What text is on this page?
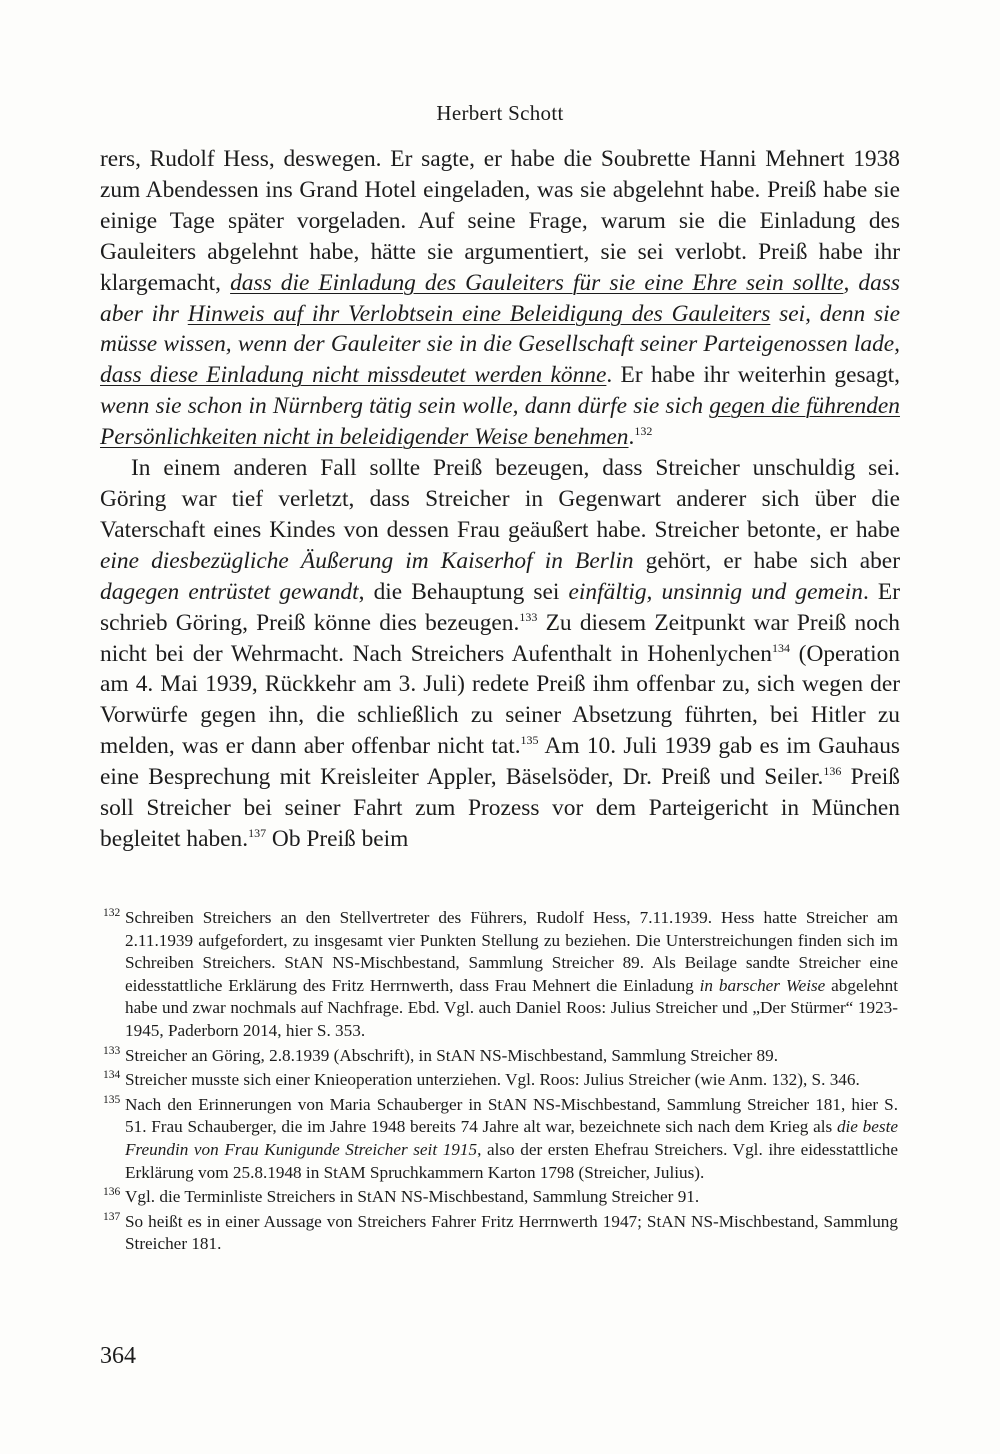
Herbert Schott

rers, Rudolf Hess, deswegen. Er sagte, er habe die Soubrette Hanni Mehnert 1938 zum Abendessen ins Grand Hotel eingeladen, was sie abgelehnt habe. Preiß habe sie einige Tage später vorgeladen. Auf seine Frage, warum sie die Einladung des Gauleiters abgelehnt habe, hätte sie argumentiert, sie sei verlobt. Preiß habe ihr klargemacht, dass die Einladung des Gauleiters für sie eine Ehre sein sollte, dass aber ihr Hinweis auf ihr Verlobtsein eine Beleidigung des Gauleiters sei, denn sie müsse wissen, wenn der Gauleiter sie in die Gesellschaft seiner Parteigenossen lade, dass diese Einladung nicht missdeutet werden könne. Er habe ihr weiterhin gesagt, wenn sie schon in Nürnberg tätig sein wolle, dann dürfe sie sich gegen die führenden Persönlichkeiten nicht in beleidigender Weise benehmen.$^{132}$

In einem anderen Fall sollte Preiß bezeugen, dass Streicher unschuldig sei. Göring war tief verletzt, dass Streicher in Gegenwart anderer sich über die Vaterschaft eines Kindes von dessen Frau geäußert habe. Streicher betonte, er habe eine diesbezügliche Äußerung im Kaiserhof in Berlin gehört, er habe sich aber dagegen entrüstet gewandt, die Behauptung sei einfältig, unsinnig und gemein. Er schrieb Göring, Preiß könne dies bezeugen.$^{133}$ Zu diesem Zeitpunkt war Preiß noch nicht bei der Wehrmacht. Nach Streichers Aufenthalt in Hohenlychen$^{134}$ (Operation am 4. Mai 1939, Rückkehr am 3. Juli) redete Preiß ihm offenbar zu, sich wegen der Vorwürfe gegen ihn, die schließlich zu seiner Absetzung führten, bei Hitler zu melden, was er dann aber offenbar nicht tat.$^{135}$ Am 10. Juli 1939 gab es im Gauhaus eine Besprechung mit Kreisleiter Appler, Bäselsöder, Dr. Preiß und Seiler.$^{136}$ Preiß soll Streicher bei seiner Fahrt zum Prozess vor dem Parteigericht in München begleitet haben.$^{137}$ Ob Preiß beim

132 Schreiben Streichers an den Stellvertreter des Führers, Rudolf Hess, 7.11.1939. Hess hatte Streicher am 2.11.1939 aufgefordert, zu insgesamt vier Punkten Stellung zu beziehen. Die Unterstreichungen finden sich im Schreiben Streichers. StAN NS-Mischbestand, Sammlung Streicher 89. Als Beilage sandte Streicher eine eidesstattliche Erklärung des Fritz Herrnwerth, dass Frau Mehnert die Einladung in barscher Weise abgelehnt habe und zwar nochmals auf Nachfrage. Ebd. Vgl. auch Daniel Roos: Julius Streicher und „Der Stürmer“ 1923-1945, Paderborn 2014, hier S. 353.
133 Streicher an Göring, 2.8.1939 (Abschrift), in StAN NS-Mischbestand, Sammlung Streicher 89.
134 Streicher musste sich einer Knieoperation unterziehen. Vgl. Roos: Julius Streicher (wie Anm. 132), S. 346.
135 Nach den Erinnerungen von Maria Schauberger in StAN NS-Mischbestand, Sammlung Streicher 181, hier S. 51. Frau Schauberger, die im Jahre 1948 bereits 74 Jahre alt war, bezeichnete sich nach dem Krieg als die beste Freundin von Frau Kunigunde Streicher seit 1915, also der ersten Ehefrau Streichers. Vgl. ihre eidesstattliche Erklärung vom 25.8.1948 in StAM Spruchkammern Karton 1798 (Streicher, Julius).
136 Vgl. die Terminliste Streichers in StAN NS-Mischbestand, Sammlung Streicher 91.
137 So heißt es in einer Aussage von Streichers Fahrer Fritz Herrnwerth 1947; StAN NS-Mischbestand, Sammlung Streicher 181.
364
